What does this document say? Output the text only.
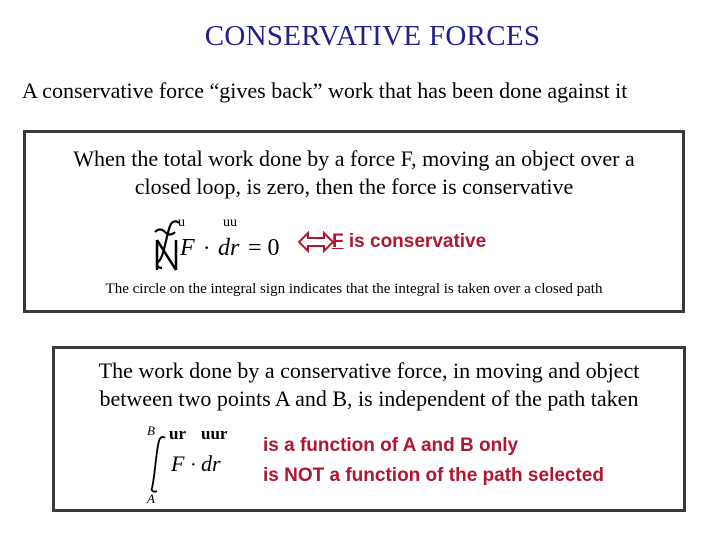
CONSERVATIVE FORCES
A conservative force “gives back” work that has been done against it
When the total work done by a force F, moving an object over a
closed loop, is zero, then the force is conservative
u	uu
F · dr = 0	F is conservative
The circle on the integral sign indicates that the integral is taken over a closed path
The work done by a conservative force, in moving and object
between two points A and B, is independent of the path taken
B
A
ur uur
F · dr
is a function of A and B only
is NOT a function of the path selected
